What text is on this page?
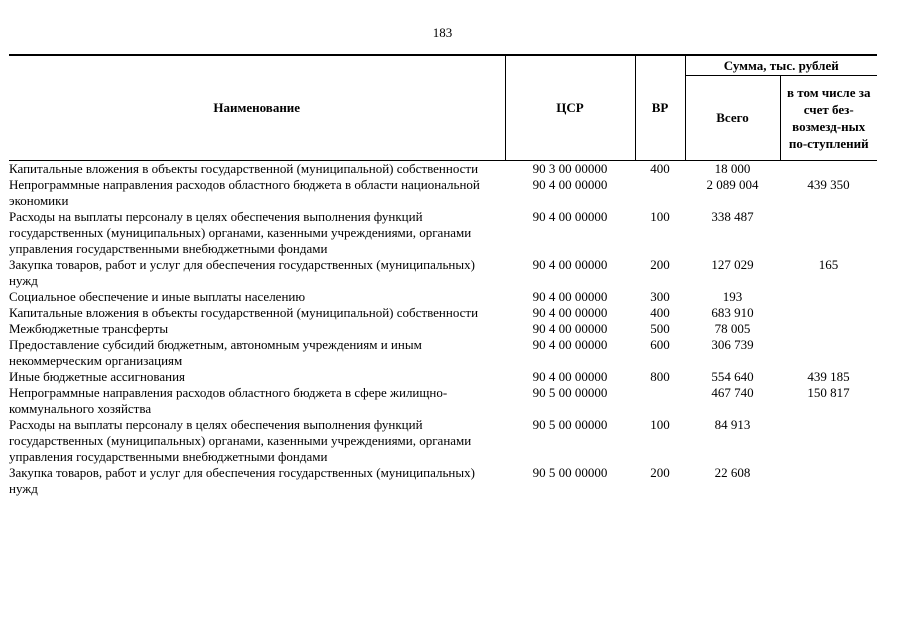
183
Наименование	ЦСР	ВР	Сумма, тыс. рублей	
			Всего	в том числе за счет без-возмезд-ных по-ступлений
Капитальные вложения в объекты государственной (муниципальной) собственности	90 3 00 00000	400	18 000	
Непрограммные направления расходов областного бюджета в области национальной экономики	90 4 00 00000		2 089 004	439 350
Расходы на выплаты персоналу в целях обеспечения выполнения функций государственных (муниципальных) органами, казенными учреждениями, органами управления государственными внебюджетными фондами	90 4 00 00000	100	338 487	
Закупка товаров, работ и услуг для обеспечения государственных (муниципальных) нужд	90 4 00 00000	200	127 029	165
Социальное обеспечение и иные выплаты населению	90 4 00 00000	300	193	
Капитальные вложения в объекты государственной (муниципальной) собственности	90 4 00 00000	400	683 910	
Межбюджетные трансферты	90 4 00 00000	500	78 005	
Предоставление субсидий бюджетным, автономным учреждениям и иным некоммерческим организациям	90 4 00 00000	600	306 739	
Иные бюджетные ассигнования	90 4 00 00000	800	554 640	439 185
Непрограммные направления расходов областного бюджета в сфере жилищно-коммунального хозяйства	90 5 00 00000		467 740	150 817
Расходы на выплаты персоналу в целях обеспечения выполнения функций государственных (муниципальных) органами, казенными учреждениями, органами управления государственными внебюджетными фондами	90 5 00 00000	100	84 913	
Закупка товаров, работ и услуг для обеспечения государственных (муниципальных) нужд	90 5 00 00000	200	22 608	
